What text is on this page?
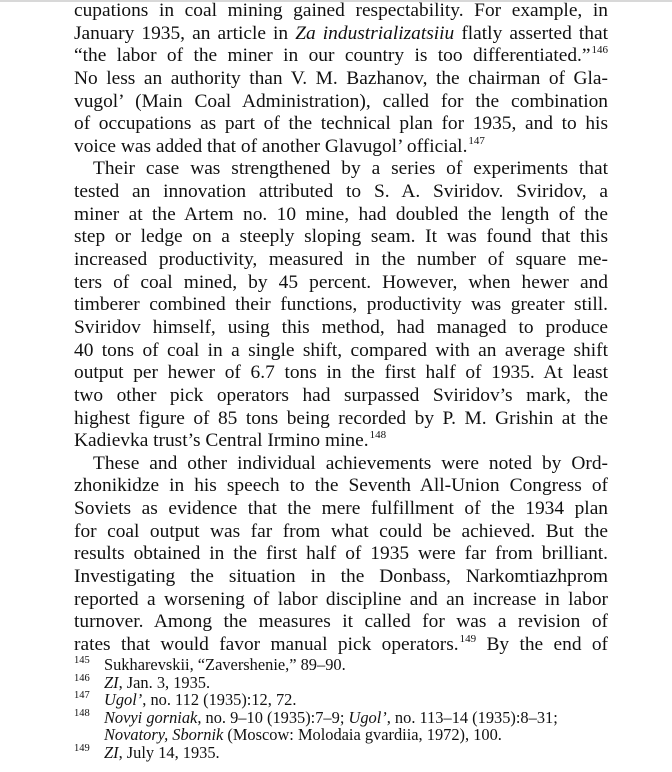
cupations in coal mining gained respectability. For example, in
January 1935, an article in Za industrializatsiiu flatly asserted that
“the labor of the miner in our country is too differentiated.”$^{146}$
No less an authority than V. M. Bazhanov, the chairman of Gla-
vugol’ (Main Coal Administration), called for the combination
of occupations as part of the technical plan for 1935, and to his
voice was added that of another Glavugol’ official.$^{147}$
Their case was strengthened by a series of experiments that
tested an innovation attributed to S. A. Sviridov. Sviridov, a
miner at the Artem no. 10 mine, had doubled the length of the
step or ledge on a steeply sloping seam. It was found that this
increased productivity, measured in the number of square me-
ters of coal mined, by 45 percent. However, when hewer and
timberer combined their functions, productivity was greater still.
Sviridov himself, using this method, had managed to produce
40 tons of coal in a single shift, compared with an average shift
output per hewer of 6.7 tons in the first half of 1935. At least
two other pick operators had surpassed Sviridov’s mark, the
highest figure of 85 tons being recorded by P. M. Grishin at the
Kadievka trust’s Central Irmino mine.$^{148}$
These and other individual achievements were noted by Ord-
zhonikidze in his speech to the Seventh All-Union Congress of
Soviets as evidence that the mere fulfillment of the 1934 plan
for coal output was far from what could be achieved. But the
results obtained in the first half of 1935 were far from brilliant.
Investigating the situation in the Donbass, Narkomtiazhprom
reported a worsening of labor discipline and an increase in labor
turnover. Among the measures it called for was a revision of
rates that would favor manual pick operators.$^{149}$ By the end of
145 Sukharevskii, “Zavershenie,” 89–90.
146 ZI, Jan. 3, 1935.
147 Ugol’, no. 112 (1935):12, 72.
148 Novyi gorniak, no. 9–10 (1935):7–9; Ugol’, no. 113–14 (1935):8–31;
Novatory, Sbornik (Moscow: Molodaia gvardiia, 1972), 100.
149 ZI, July 14, 1935.
